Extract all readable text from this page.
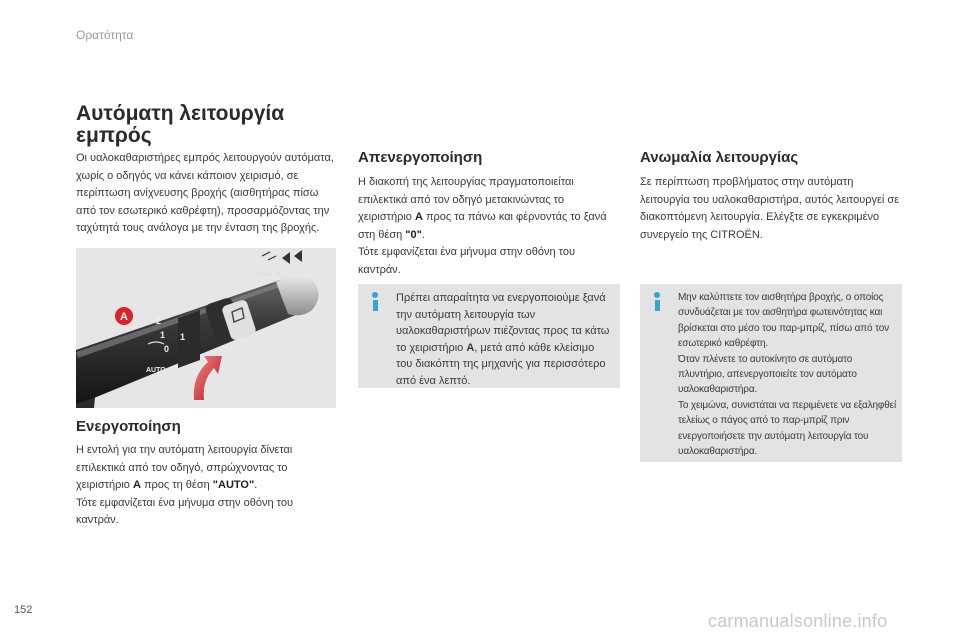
Ορατότητα
Αυτόματη λειτουργία εμπρός

Οι υαλοκαθαριστήρες εμπρός λειτουργούν αυτόματα, χωρίς ο οδηγός να κάνει κάποιον χειρισμό, σε περίπτωση ανίχνευσης βροχής (αισθητήρας πίσω από τον εσωτερικό καθρέφτη), προσαρμόζοντας την ταχύτητά τους ανάλογα με την ένταση της βροχής.

2
1
0
1
AUTO
A
Ενεργοποίηση

Η εντολή για την αυτόματη λειτουργία δίνεται επιλεκτικά από τον οδηγό, σπρώχνοντας το χειριστήριο A προς τη θέση "AUTO".
Τότε εμφανίζεται ένα μήνυμα στην οθόνη του καντράν.

Απενεργοποίηση

Η διακοπή της λειτουργίας πραγματοποιείται επιλεκτικά από τον οδηγό μετακινώντας το χειριστήριο A προς τα πάνω και φέρνοντάς το ξανά στη θέση "0".
Τότε εμφανίζεται ένα μήνυμα στην οθόνη του καντράν.

Πρέπει απαραίτητα να ενεργοποιούμε ξανά την αυτόματη λειτουργία των υαλοκαθαριστήρων πιέζοντας προς τα κάτω το χειριστήριο A, μετά από κάθε κλείσιμο του διακόπτη της μηχανής για περισσότερο από ένα λεπτό.

Ανωμαλία λειτουργίας

Σε περίπτωση προβλήματος στην αυτόματη λειτουργία του υαλοκαθαριστήρα, αυτός λειτουργεί σε διακοπτόμενη λειτουργία. Ελέγξτε σε εγκεκριμένο συνεργείο της CITROËN.

Μην καλύπτετε τον αισθητήρα βροχής, ο οποίος συνδυάζεται με τον αισθητήρα φωτεινότητας και βρίσκεται στο μέσο του παρ-μπρίζ, πίσω από τον εσωτερικό καθρέφτη.
Όταν πλένετε το αυτοκίνητο σε αυτόματο πλυντήριο, απενεργοποιείτε τον αυτόματο υαλοκαθαριστήρα.
Το χειμώνα, συνιστάται να περιμένετε να εξαληφθεί τελείως ο πάγος από το παρ-μπρίζ πριν ενεργοποιήσετε την αυτόματη λειτουργία του υαλοκαθαριστήρα.

152
carmanualsonline.info
